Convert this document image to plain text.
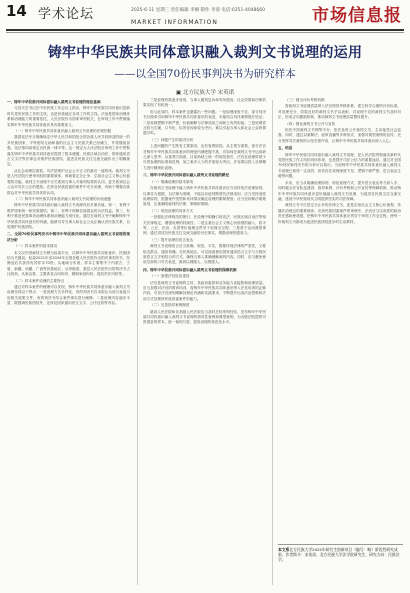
14 学术论坛	2025-6-11 星期三 责任编辑 李楠 制作 李睿 电话:0351-4048660
MARKET INFORMATION	市场信息报
铸牢中华民族共同体意识融入裁判文书说理的运用
——以全国70份民事判决书为研究样本
▣ 北方民族大学 宋英诺

一、铸牢中华民族共同体意识融入裁判文书说理的理论基础

习近平总书记在中央民族工作会议上指出，铸牢中华民族共同体意识是新时代党的民族工作的主线，也是民族地区各项工作的主线。法治是国家治理体系和治理能力的重要依托，人民法院作为国家审判机关，在审判工作中贯彻落实铸牢中华民族共同体意识具有重要意义。

（一）铸牢中华民族共同体意识融入裁判文书说理的法理依据

我国宪法序言明确规定中华人民共和国是全国各族人民共同缔造的统一的多民族国家，平等团结互助和谐的社会主义民族关系已经确立，并将继续加强。宪法第四条规定各民族一律平等。这一规定为人民法院在审判工作中贯彻落实铸牢中华民族共同体意识提供了根本遵循。民族区域自治法、国家通用语言文字法等法律也对维护民族团结、促进各民族交往交流交融作出了明确规定。

从社会治理层面看，司法是维护社会公平正义的最后一道防线。裁判文书是人民法院行使审判权的重要载体，承载着定分止争、弘扬社会主义核心价值观的功能。裁判文书说理不仅关系到当事人对裁判结果的认同，更关系到社会公众对司法公正的感知。在涉及民族因素的案件中充分说理，有助于增强各族群众对中华民族共同体的认同。

（二）铸牢中华民族共同体意识融入裁判文书说理的价值意蕴

铸牢中华民族共同体意识融入裁判文书说理具有多重价值。第一，有利于维护国家统一和民族团结。第二，有利于保障各族群众的合法权益。第三，有利于推进民族事务治理体系和治理能力现代化。通过在裁判文书中阐释铸牢中华民族共同体意识的内涵，能够引导当事人和社会公众正确认识民族关系，自觉维护民族团结。

二、全国70份民事判决书中铸牢中华民族共同体意识融入裁判文书说理的现状分析

（一）样本案件的基本情况

本文以中国裁判文书网为检索平台，以铸牢中华民族共同体意识、民族团结为关键词，检索2021年至2024年全国各级人民法院作出的民事判决书，经筛选后共获得有效样本70份。从地域分布看，样本主要集中于内蒙古、宁夏、新疆、西藏、广西等民族地区；从审级看，基层人民法院作出的判决书占比较高；从案由看，主要涉及合同纠纷、婚姻家庭纠纷、侵权责任纠纷等。

（二）样本案件说理的主要特点

通过对样本案件的梳理可以发现，铸牢中华民族共同体意识融入裁判文书说理呈现以下特点：一是说理方式多样化，有的判决书在本院认为部分直接引用相关政策文件，有的判决书结合案件事实进行阐释；二是说理内容逐步丰富，除强调民族团结外，还涉及国家通用语言文字、公序良俗等内容。

三是说理效果逐步显现，当事人服判息诉率有所提高，社会效果和法律效果实现了有机统一。

但与此同时，样本案件也暴露出一些问题。一是说理深度不足，部分判决书仅简单引用铸牢中华民族共同体意识的表述，未能结合具体案情展开论证；二是说理逻辑不够严密，价值阐释与法律适用之间缺乏有效衔接；三是说理语言较为生硬，口号化、标签化现象较为突出，难以引起当事人和社会公众的情感共鸣。

（三）问题产生的原因分析

上述问题的产生既有主观原因，也有客观原因。从主观方面看，部分法官对铸牢中华民族共同体意识的理论内涵把握不准，对如何在裁判文书中运用缺乏深入思考；从客观方面看，目前尚缺乏统一的规范指引，法官在说理时缺少可供参照的标准和范例，加之案多人少的矛盾较为突出，法官难以投入足够精力进行精细化说理。

三、铸牢中华民族共同体意识融入裁判文书说理的路径

（一）明确说理的基本原则

在裁判文书说理中融入铸牢中华民族共同体意识应当坚持依法说理原则，以事实为根据、以法律为准绳，不能以价值判断替代法律适用；应当坚持适度说理原则，根据案件类型和具体情况确定说理的繁简程度；应当坚持释法明理原则，注重阐明裁判的法理、事理和情理。

（二）规范说理的具体方式

一是强化法律规范的援引，在说理中明确引用宪法、民族区域自治法等相关法律规定，增强说理的权威性；二是注重社会主义核心价值观的融入，将平等、公正、法治、友善等价值理念贯穿于说理全过程；三是善于运用典型事例，通过讲述各民族交往交流交融的历史事实，增强说理的感染力。

（三）提升说理的语言表达

裁判文书说理语言应当准确、规范、平实，既要体现法律的严肃性，又要贴近群众、通俗易懂。在民族地区，可以探索使用国家通用语言文字与少数民族语言文字相结合的方式，确保当事人准确理解裁判内容。同时，应当避免使用空洞的口号式表述，做到以理服人、以情感人。

四、铸牢中华民族共同体意识融入裁判文书说理的保障机制

（一）加强法官队伍建设

法官是裁判文书说理的主体，其政治素养和业务能力直接影响说理质量。应当加强对法官的教育培训，将铸牢中华民族共同体意识纳入法官培训的必修内容，引导法官深刻理解其理论内涵和实践要求，不断提升运用法治思维和法治方式处理涉民族因素案件的能力。

（二）完善指导案例制度

最高人民法院和各高级人民法院应当及时总结审判经验，发布铸牢中华民族共同体意识融入裁判文书说理的指导性案例和典型案例，为各级法院提供可资借鉴的样本，统一裁判尺度，提高说理的规范化水平。

（三）健全评价考核机制

将裁判文书说理质量纳入法官绩效考核体系，建立科学合理的评价标准，对说理充分、效果良好的裁判文书予以表彰，对说理不足的裁判文书及时纠正，形成正向激励机制，推动裁判文书说理质量整体提升。

（四）强化裁判文书公开与宣传

依托中国裁判文书网等平台，依法及时公开裁判文书，主动接受社会监督。同时，通过以案释法、庭审直播等多种形式，加强对典型案例的宣传，充分发挥司法裁判的示范引领作用，让铸牢中华民族共同体意识深入人心。

五、结语

铸牢中华民族共同体意识融入裁判文书说理，是人民法院贯彻落实新时代党的民族工作主线的具体体现，也是提升司法公信力的重要途径。通过对全国70份民事判决书的分析可以看出，当前铸牢中华民族共同体意识融入裁判文书说理已取得一定成效，但仍存在说理深度不足、逻辑不够严密、语言表达生硬等问题。

未来，应当从明确说理原则、规范说理方式、提升语言表达等方面入手，同时健全法官队伍建设、指导案例、评价考核和公开宣传等保障机制，推动铸牢中华民族共同体意识更好地融入裁判文书说理，为促进各民族交往交流交融、建设中华民族现代文明提供坚实的司法保障。

裁判文书不仅是定分止争的法律文书，更是弘扬社会主义核心价值观、传播法治理念的重要载体。在涉民族因素案件的审理中，法官应当以高度的政治责任感和使命感，把铸牢中华民族共同体意识贯穿于审判工作全过程，使每一份裁判文书都成为促进民族团结进步的生动教材。

本文系北方民族大学2025年研究生创新项目（编号：略）阶段性研究成果。作者简介：宋英诺，北方民族大学法学院研究生，研究方向：民族法学。
